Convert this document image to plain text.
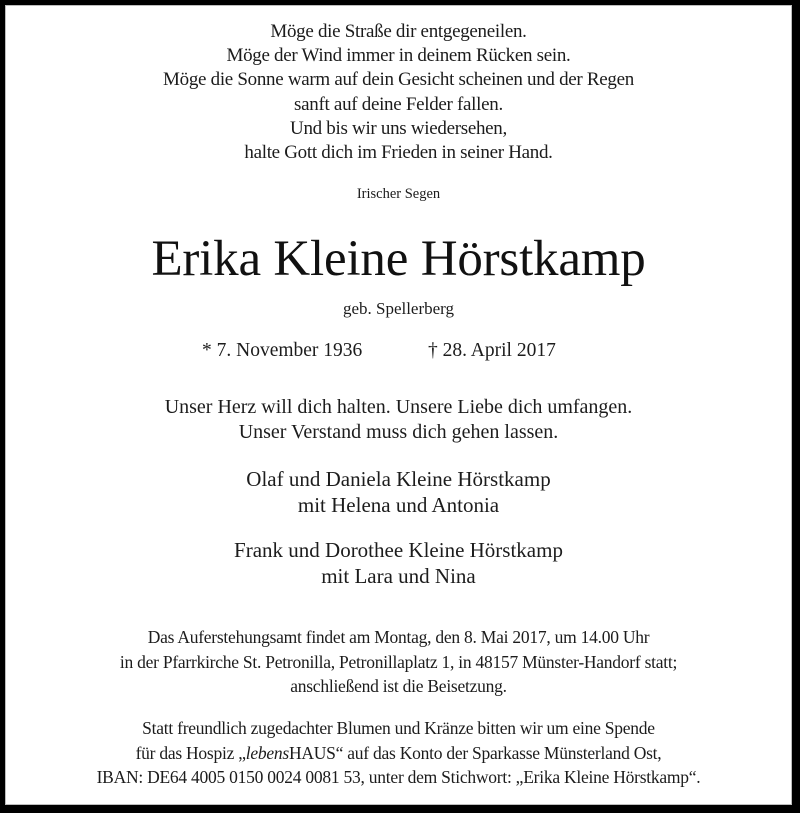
Möge die Straße dir entgegeneilen.
Möge der Wind immer in deinem Rücken sein.
Möge die Sonne warm auf dein Gesicht scheinen und der Regen
sanft auf deine Felder fallen.
Und bis wir uns wiedersehen,
halte Gott dich im Frieden in seiner Hand.
Irischer Segen
Erika Kleine Hörstkamp
geb. Spellerberg
* 7. November 1936	† 28. April 2017
Unser Herz will dich halten. Unsere Liebe dich umfangen.
Unser Verstand muss dich gehen lassen.
Olaf und Daniela Kleine Hörstkamp
mit Helena und Antonia
Frank und Dorothee Kleine Hörstkamp
mit Lara und Nina
Das Auferstehungsamt findet am Montag, den 8. Mai 2017, um 14.00 Uhr
in der Pfarrkirche St. Petronilla, Petronillaplatz 1, in 48157 Münster-Handorf statt;
anschließend ist die Beisetzung.
Statt freundlich zugedachter Blumen und Kränze bitten wir um eine Spende
für das Hospiz „lebensHAUS“ auf das Konto der Sparkasse Münsterland Ost,
IBAN: DE64 4005 0150 0024 0081 53, unter dem Stichwort: „Erika Kleine Hörstkamp“.
